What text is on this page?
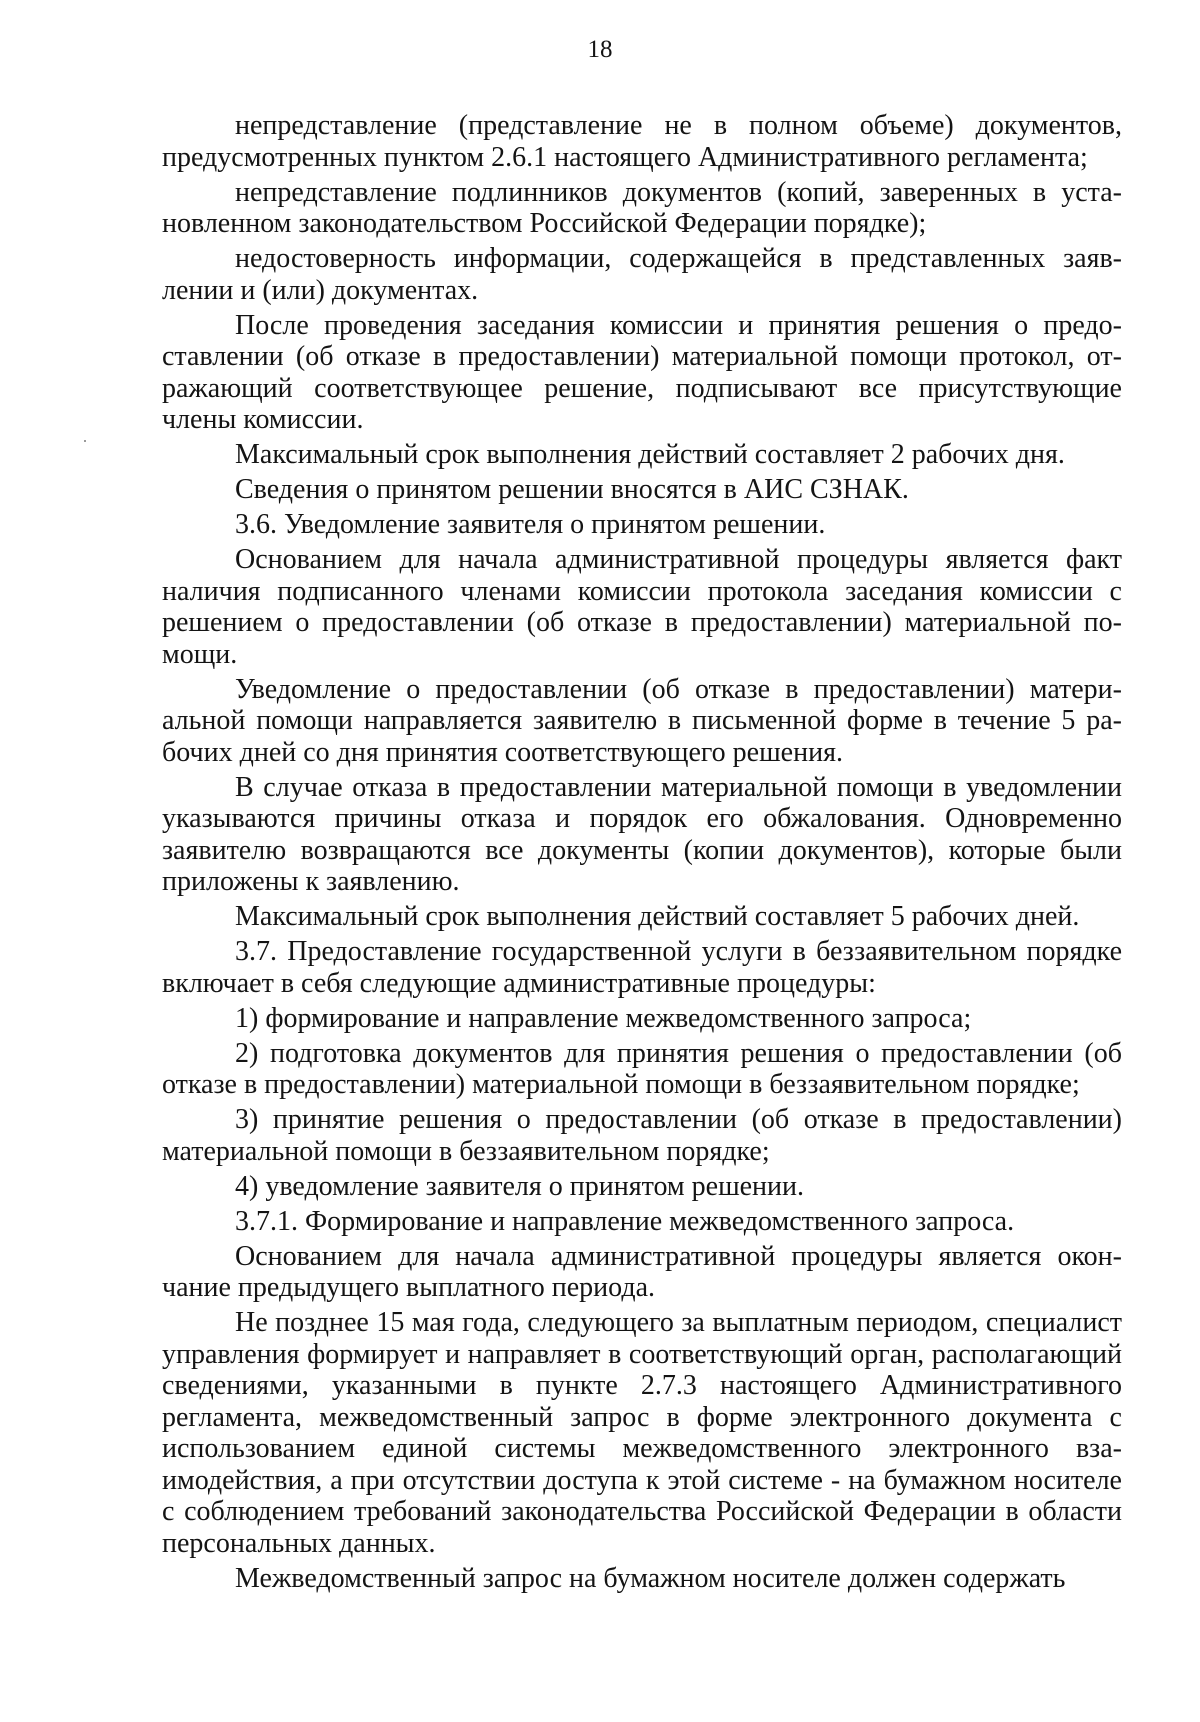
18

непредставление (представление не в полном объеме) документов, предусмотренных пунктом 2.6.1 настоящего Административного регламента;

непредставление подлинников документов (копий, заверенных в установленном законодательством Российской Федерации порядке);

недостоверность информации, содержащейся в представленных заявлении и (или) документах.

После проведения заседания комиссии и принятия решения о предоставлении (об отказе в предоставлении) материальной помощи протокол, отражающий соответствующее решение, подписывают все присутствующие члены комиссии.

Максимальный срок выполнения действий составляет 2 рабочих дня.

Сведения о принятом решении вносятся в АИС СЗНАК.

3.6. Уведомление заявителя о принятом решении.

Основанием для начала административной процедуры является факт наличия подписанного членами комиссии протокола заседания комиссии с решением о предоставлении (об отказе в предоставлении) материальной помощи.

Уведомление о предоставлении (об отказе в предоставлении) материальной помощи направляется заявителю в письменной форме в течение 5 рабочих дней со дня принятия соответствующего решения.

В случае отказа в предоставлении материальной помощи в уведомлении указываются причины отказа и порядок его обжалования. Одновременно заявителю возвращаются все документы (копии документов), которые были приложены к заявлению.

Максимальный срок выполнения действий составляет 5 рабочих дней.

3.7. Предоставление государственной услуги в беззаявительном порядке включает в себя следующие административные процедуры:

1) формирование и направление межведомственного запроса;

2) подготовка документов для принятия решения о предоставлении (об отказе в предоставлении) материальной помощи в беззаявительном порядке;

3) принятие решения о предоставлении (об отказе в предоставлении) материальной помощи в беззаявительном порядке;

4) уведомление заявителя о принятом решении.

3.7.1. Формирование и направление межведомственного запроса.

Основанием для начала административной процедуры является окончание предыдущего выплатного периода.

Не позднее 15 мая года, следующего за выплатным периодом, специалист управления формирует и направляет в соответствующий орган, располагающий сведениями, указанными в пункте 2.7.3 настоящего Административного регламента, межведомственный запрос в форме электронного документа с использованием единой системы межведомственного электронного взаимодействия, а при отсутствии доступа к этой системе - на бумажном носителе с соблюдением требований законодательства Российской Федерации в области персональных данных.

Межведомственный запрос на бумажном носителе должен содержать
